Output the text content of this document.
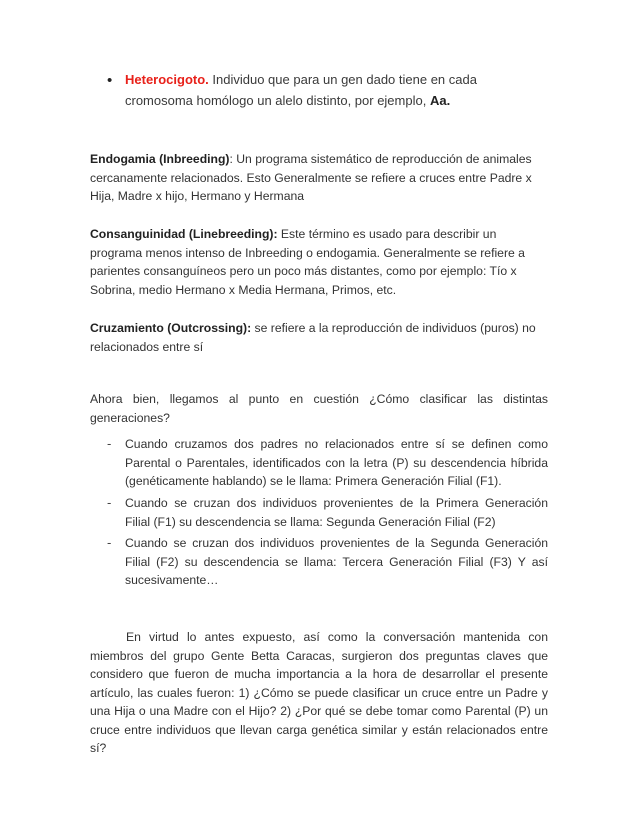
• Heterocigoto. Individuo que para un gen dado tiene en cada cromosoma homólogo un alelo distinto, por ejemplo, Aa.
Endogamia (Inbreeding): Un programa sistemático de reproducción de animales cercanamente relacionados. Esto Generalmente se refiere a cruces entre Padre x Hija, Madre x hijo, Hermano y Hermana
Consanguinidad (Linebreeding): Este término es usado para describir un programa menos intenso de Inbreeding o endogamia. Generalmente se refiere a parientes consanguíneos pero un poco más distantes, como por ejemplo: Tío x Sobrina, medio Hermano x Media Hermana, Primos, etc.
Cruzamiento (Outcrossing): se refiere a la reproducción de individuos (puros) no relacionados entre sí
Ahora bien, llegamos al punto en cuestión ¿Cómo clasificar las distintas generaciones?
- Cuando cruzamos dos padres no relacionados entre sí se definen como Parental o Parentales, identificados con la letra (P) su descendencia híbrida (genéticamente hablando) se le llama: Primera Generación Filial (F1).
- Cuando se cruzan dos individuos provenientes de la Primera Generación Filial (F1) su descendencia se llama: Segunda Generación Filial (F2)
- Cuando se cruzan dos individuos provenientes de la Segunda Generación Filial (F2) su descendencia se llama: Tercera Generación Filial (F3) Y así sucesivamente…
En virtud lo antes expuesto, así como la conversación mantenida con miembros del grupo Gente Betta Caracas, surgieron dos preguntas claves que considero que fueron de mucha importancia a la hora de desarrollar el presente artículo, las cuales fueron: 1) ¿Cómo se puede clasificar un cruce entre un Padre y una Hija o una Madre con el Hijo? 2) ¿Por qué se debe tomar como Parental (P) un cruce entre individuos que llevan carga genética similar y están relacionados entre sí?
